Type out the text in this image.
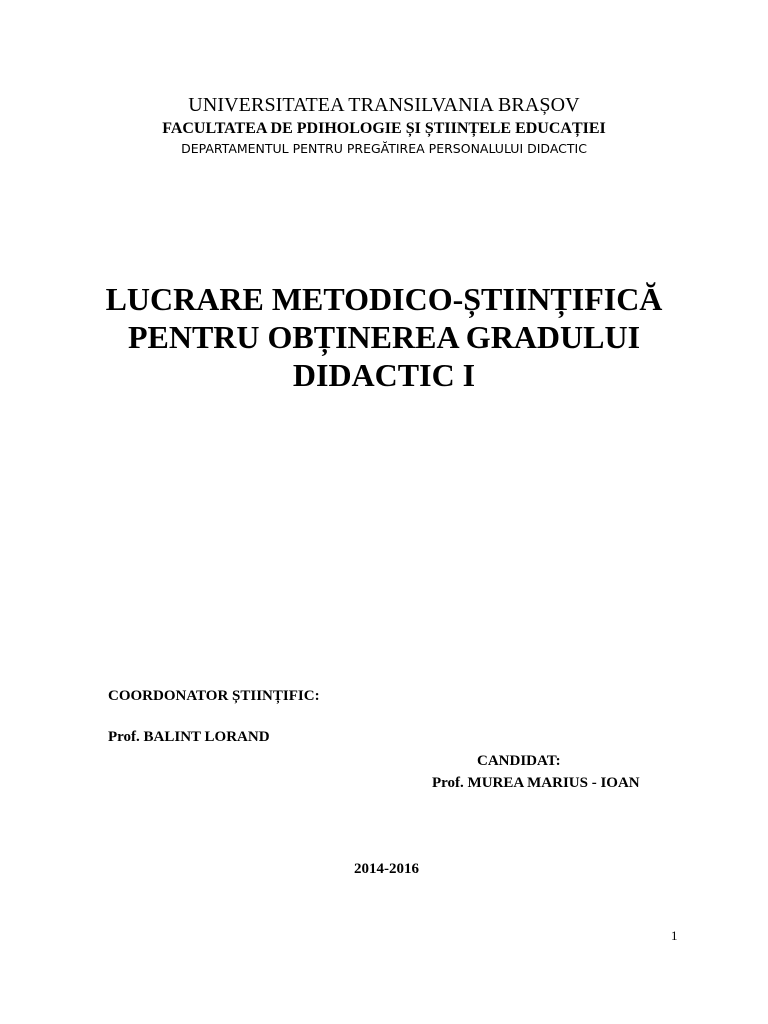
UNIVERSITATEA TRANSILVANIA BRAȘOV
FACULTATEA DE PDIHOLOGIE ȘI ȘTIINȚELE EDUCAȚIEI
DEPARTAMENTUL PENTRU PREGĂTIREA PERSONALULUI DIDACTIC
LUCRARE METODICO-ȘTIINȚIFICĂ
PENTRU OBȚINEREA GRADULUI
DIDACTIC I
COORDONATOR ȘTIINȚIFIC:
Prof. BALINT LORAND
CANDIDAT:
Prof. MUREA MARIUS - IOAN
2014-2016
1
